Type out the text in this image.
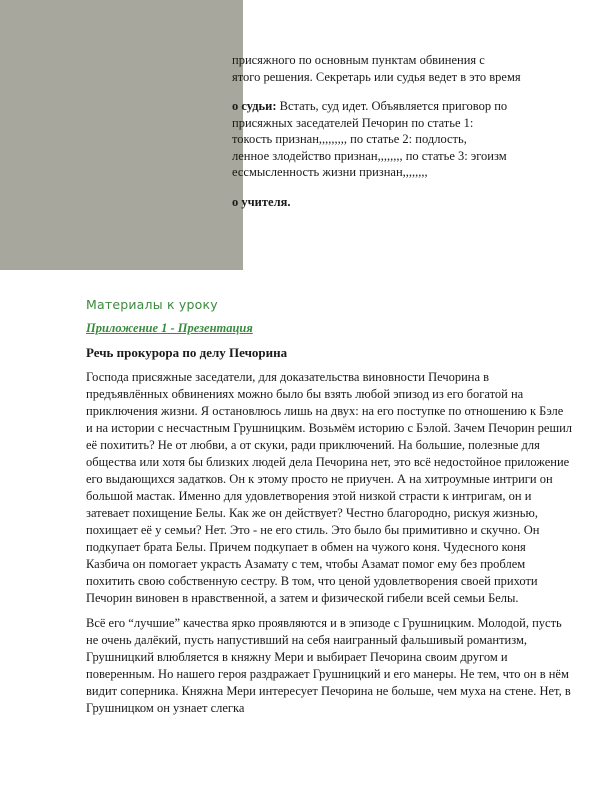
присяжного по основным пунктам обвинения с
ятого решения. Секретарь или судья ведет в это время

о судьи: Встать, суд идет. Объявляется приговор по
присяжных заседателей Печорин по статье 1:
токость признан,,,,,,,,, по статье 2: подлость,
ленное злодейство признан,,,,,,,, по статье 3: эгоизм
ессмысленность жизни признан,,,,,,,,

о учителя.

Материалы к уроку
Приложение 1 - Презентация
Речь прокурора по делу Печорина

Господа присяжные заседатели, для доказательства виновности Печорина в предъявлённых обвинениях можно было бы взять любой эпизод из его богатой на приключения жизни. Я остановлюсь лишь на двух: на его поступке по отношению к Бэле и на истории с несчастным Грушницким. Возьмём историю с Бэлой. Зачем Печорин решил её похитить? Не от любви, а от скуки, ради приключений. На большие, полезные для общества или хотя бы близких людей дела Печорина нет, это всё недостойное приложение его выдающихся задатков. Он к этому просто не приучен. А на хитроумные интриги он большой мастак. Именно для удовлетворения этой низкой страсти к интригам, он и затевает похищение Белы. Как же он действует? Честно благородно, рискуя жизнью, похищает её у семьи? Нет. Это - не его стиль. Это было бы примитивно и скучно. Он подкупает брата Белы. Причем подкупает в обмен на чужого коня. Чудесного коня Казбича он помогает украсть Азамату с тем, чтобы Азамат помог ему без проблем похитить свою собственную сестру. В том, что ценой удовлетворения своей прихоти Печорин виновен в нравственной, а затем и физической гибели всей семьи Белы.

Всё его “лучшие” качества ярко проявляются и в эпизоде с Грушницким. Молодой, пусть не очень далёкий, пусть напустивший на себя наигранный фальшивый романтизм, Грушницкий влюбляется в княжну Мери и выбирает Печорина своим другом и поверенным. Но нашего героя раздражает Грушницкий и его манеры. Не тем, что он в нём видит соперника. Княжна Мери интересует Печорина не больше, чем муха на стене. Нет, в Грушницком он узнает слегка
